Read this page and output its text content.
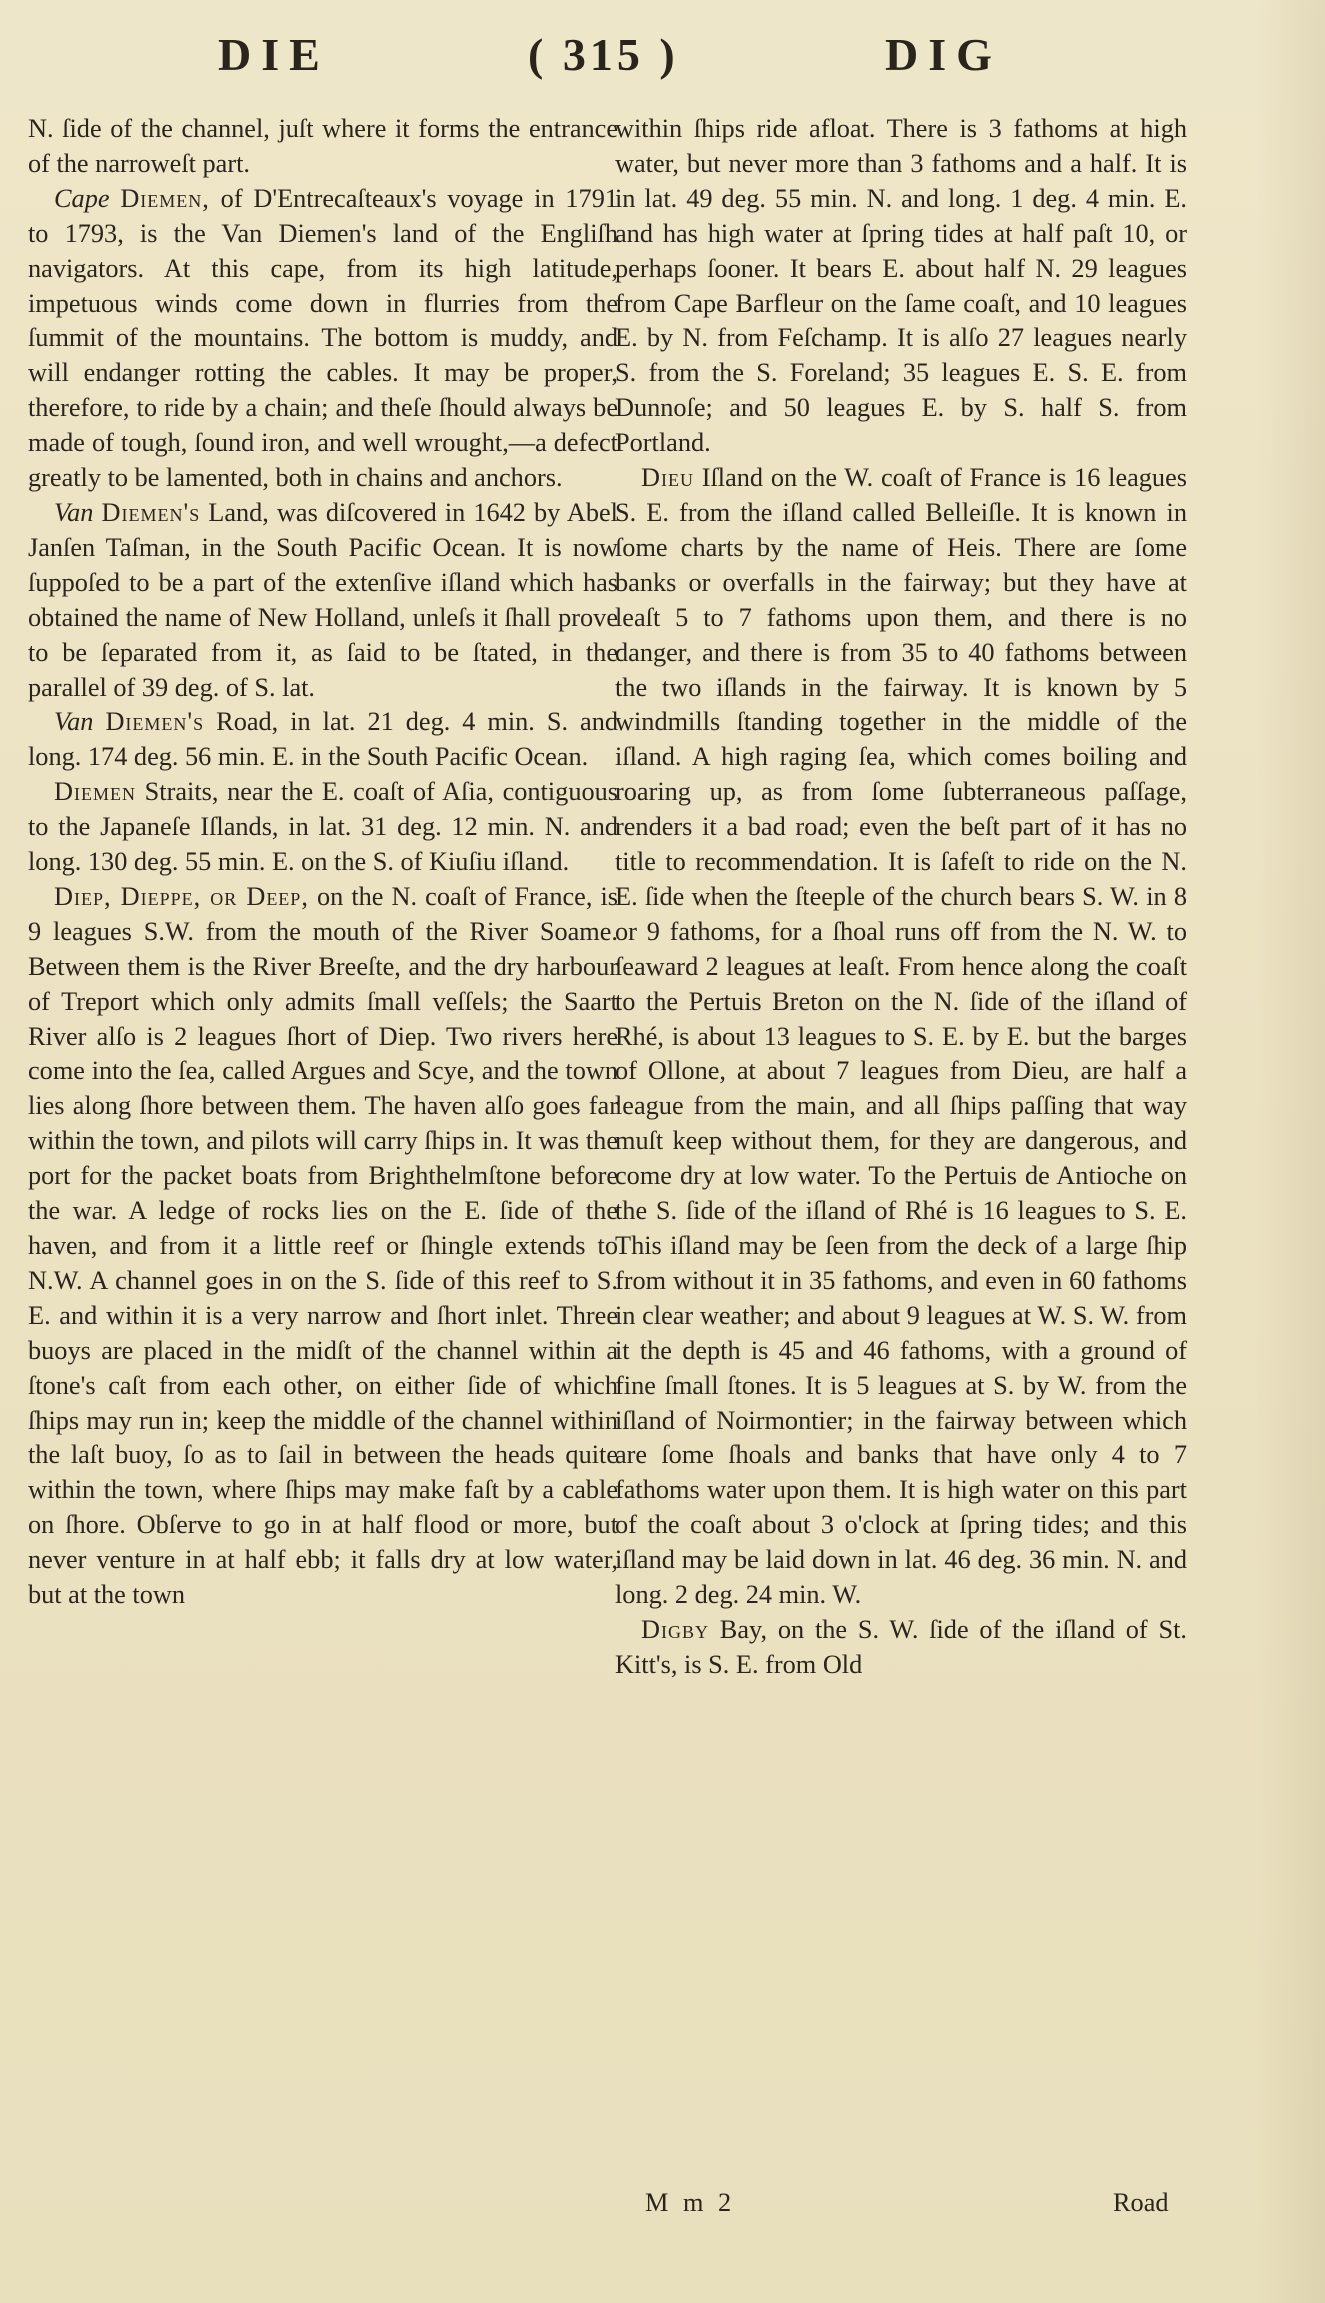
DIE	( 315 )	DIG

N. ſide of the channel, juſt where it forms the entrance of the narroweſt part.

Cape Diemen, of D'Entrecaſteaux's voyage in 1791 to 1793, is the Van Diemen's land of the Engliſh navigators. At this cape, from its high latitude, impetuous winds come down in flurries from the ſummit of the mountains. The bottom is muddy, and will endanger rotting the cables. It may be proper, therefore, to ride by a chain; and theſe ſhould always be made of tough, ſound iron, and well wrought,—a defect greatly to be lamented, both in chains and anchors.

Van Diemen's Land, was diſcovered in 1642 by Abel Janſen Taſman, in the South Pacific Ocean. It is now ſuppoſed to be a part of the extenſive iſland which has obtained the name of New Holland, unleſs it ſhall prove to be ſeparated from it, as ſaid to be ſtated, in the parallel of 39 deg. of S. lat.

Van Diemen's Road, in lat. 21 deg. 4 min. S. and long. 174 deg. 56 min. E. in the South Pacific Ocean.

Diemen Straits, near the E. coaſt of Aſia, contiguous to the Japaneſe Iſlands, in lat. 31 deg. 12 min. N. and long. 130 deg. 55 min. E. on the S. of Kiuſiu iſland.

Diep, Dieppe, or Deep, on the N. coaſt of France, is 9 leagues S.W. from the mouth of the River Soame. Between them is the River Breeſte, and the dry harbour of Treport which only admits ſmall veſſels; the Saart River alſo is 2 leagues ſhort of Diep. Two rivers here come into the ſea, called Argues and Scye, and the town lies along ſhore between them. The haven alſo goes far within the town, and pilots will carry ſhips in. It was the port for the packet boats from Brighthelmſtone before the war. A ledge of rocks lies on the E. ſide of the haven, and from it a little reef or ſhingle extends to N.W. A channel goes in on the S. ſide of this reef to S. E. and within it is a very narrow and ſhort inlet. Three buoys are placed in the midſt of the channel within a ſtone's caſt from each other, on either ſide of which ſhips may run in; keep the middle of the channel within the laſt buoy, ſo as to ſail in between the heads quite within the town, where ſhips may make faſt by a cable on ſhore. Obſerve to go in at half flood or more, but never venture in at half ebb; it falls dry at low water, but at the town

within ſhips ride afloat. There is 3 fathoms at high water, but never more than 3 fathoms and a half. It is in lat. 49 deg. 55 min. N. and long. 1 deg. 4 min. E. and has high water at ſpring tides at half paſt 10, or perhaps ſooner. It bears E. about half N. 29 leagues from Cape Barfleur on the ſame coaſt, and 10 leagues E. by N. from Feſchamp. It is alſo 27 leagues nearly S. from the S. Foreland; 35 leagues E. S. E. from Dunnoſe; and 50 leagues E. by S. half S. from Portland.

Dieu Iſland on the W. coaſt of France is 16 leagues S. E. from the iſland called Belleiſle. It is known in ſome charts by the name of Heis. There are ſome banks or overfalls in the fairway; but they have at leaſt 5 to 7 fathoms upon them, and there is no danger, and there is from 35 to 40 fathoms between the two iſlands in the fairway. It is known by 5 windmills ſtanding together in the middle of the iſland. A high raging ſea, which comes boiling and roaring up, as from ſome ſubterraneous paſſage, renders it a bad road; even the beſt part of it has no title to recommendation. It is ſafeſt to ride on the N. E. ſide when the ſteeple of the church bears S. W. in 8 or 9 fathoms, for a ſhoal runs off from the N. W. to ſeaward 2 leagues at leaſt. From hence along the coaſt to the Pertuis Breton on the N. ſide of the iſland of Rhé, is about 13 leagues to S. E. by E. but the barges of Ollone, at about 7 leagues from Dieu, are half a league from the main, and all ſhips paſſing that way muſt keep without them, for they are dangerous, and come dry at low water. To the Pertuis de Antioche on the S. ſide of the iſland of Rhé is 16 leagues to S. E. This iſland may be ſeen from the deck of a large ſhip from without it in 35 fathoms, and even in 60 fathoms in clear weather; and about 9 leagues at W. S. W. from it the depth is 45 and 46 fathoms, with a ground of fine ſmall ſtones. It is 5 leagues at S. by W. from the iſland of Noirmontier; in the fairway between which are ſome ſhoals and banks that have only 4 to 7 fathoms water upon them. It is high water on this part of the coaſt about 3 o'clock at ſpring tides; and this iſland may be laid down in lat. 46 deg. 36 min. N. and long. 2 deg. 24 min. W.

Digby Bay, on the S. W. ſide of the iſland of St. Kitt's, is S. E. from Old

M m 2	Road
